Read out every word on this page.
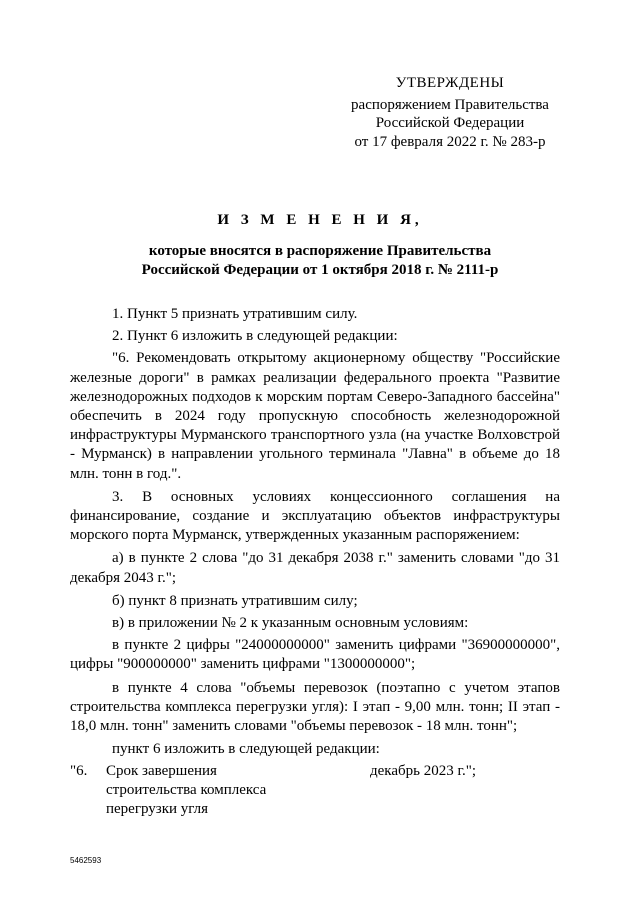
УТВЕРЖДЕНЫ
распоряжением Правительства
Российской Федерации
от 17 февраля 2022 г. № 283-р
И З М Е Н Е Н И Я,
которые вносятся в распоряжение Правительства
Российской Федерации от 1 октября 2018 г. № 2111-р

1. Пункт 5 признать утратившим силу.

2. Пункт 6 изложить в следующей редакции:

"6. Рекомендовать открытому акционерному обществу "Российские железные дороги" в рамках реализации федерального проекта "Развитие железнодорожных подходов к морским портам Северо-Западного бассейна" обеспечить в 2024 году пропускную способность железнодорожной инфраструктуры Мурманского транспортного узла (на участке Волховстрой - Мурманск) в направлении угольного терминала "Лавна" в объеме до 18 млн. тонн в год.".

3. В основных условиях концессионного соглашения на финансирование, создание и эксплуатацию объектов инфраструктуры морского порта Мурманск, утвержденных указанным распоряжением:

а) в пункте 2 слова "до 31 декабря 2038 г." заменить словами "до 31 декабря 2043 г.";

б) пункт 8 признать утратившим силу;

в) в приложении № 2 к указанным основным условиям:

в пункте 2 цифры "24000000000" заменить цифрами "36900000000", цифры "900000000" заменить цифрами "1300000000";

в пункте 4 слова "объемы перевозок (поэтапно с учетом этапов строительства комплекса перегрузки угля): I этап - 9,00 млн. тонн; II этап - 18,0 млн. тонн" заменить словами "объемы перевозок - 18 млн. тонн";

пункт 6 изложить в следующей редакции:

"6.	Срок завершения
строительства комплекса
перегрузки угля
декабрь 2023 г.";
5462593
